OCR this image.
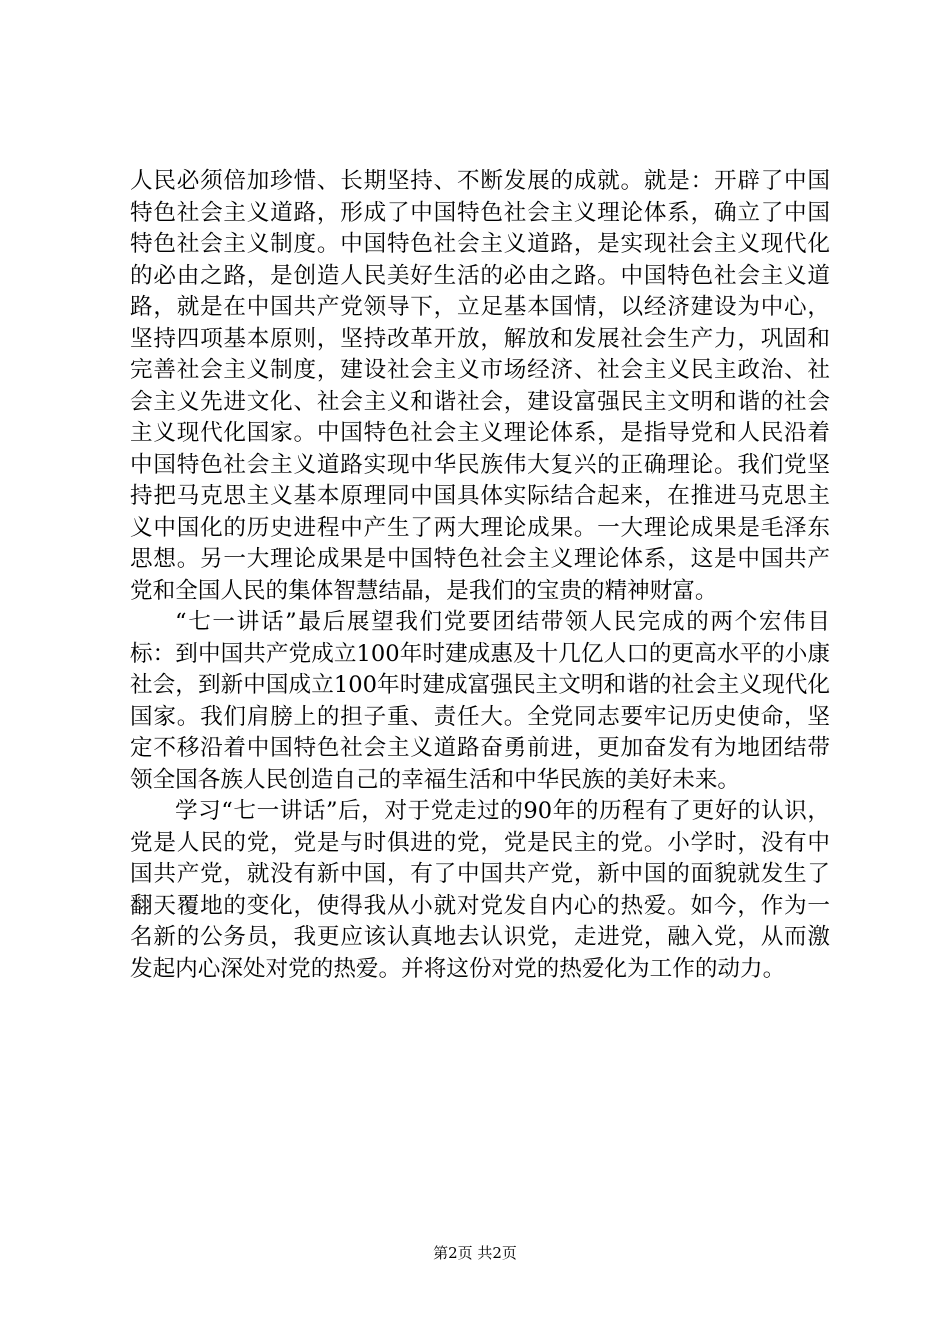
人民必须倍加珍惜、长期坚持、不断发展的成就。就是：开辟了中国特色社会主义道路，形成了中国特色社会主义理论体系，确立了中国特色社会主义制度。中国特色社会主义道路，是实现社会主义现代化的必由之路，是创造人民美好生活的必由之路。中国特色社会主义道路，就是在中国共产党领导下，立足基本国情，以经济建设为中心，坚持四项基本原则，坚持改革开放，解放和发展社会生产力，巩固和完善社会主义制度，建设社会主义市场经济、社会主义民主政治、社会主义先进文化、社会主义和谐社会，建设富强民主文明和谐的社会主义现代化国家。中国特色社会主义理论体系，是指导党和人民沿着中国特色社会主义道路实现中华民族伟大复兴的正确理论。我们党坚持把马克思主义基本原理同中国具体实际结合起来，在推进马克思主义中国化的历史进程中产生了两大理论成果。一大理论成果是毛泽东思想。另一大理论成果是中国特色社会主义理论体系，这是中国共产党和全国人民的集体智慧结晶，是我们的宝贵的精神财富。

“七一讲话”最后展望我们党要团结带领人民完成的两个宏伟目标：到中国共产党成立100年时建成惠及十几亿人口的更高水平的小康社会，到新中国成立100年时建成富强民主文明和谐的社会主义现代化国家。我们肩膀上的担子重、责任大。全党同志要牢记历史使命，坚定不移沿着中国特色社会主义道路奋勇前进，更加奋发有为地团结带领全国各族人民创造自己的幸福生活和中华民族的美好未来。

学习“七一讲话”后，对于党走过的90年的历程有了更好的认识，党是人民的党，党是与时俱进的党，党是民主的党。小学时，没有中国共产党，就没有新中国，有了中国共产党，新中国的面貌就发生了翻天覆地的变化，使得我从小就对党发自内心的热爱。如今，作为一名新的公务员，我更应该认真地去认识党，走进党，融入党，从而激发起内心深处对党的热爱。并将这份对党的热爱化为工作的动力。

第2页 共2页
